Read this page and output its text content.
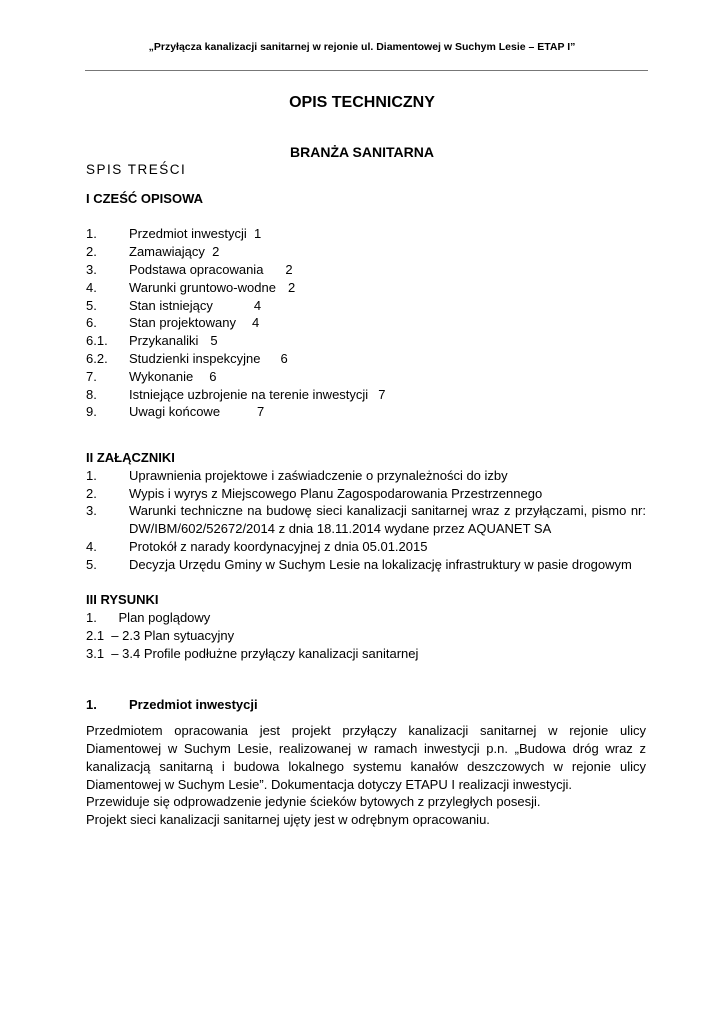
„Przyłącza kanalizacji sanitarnej w rejonie ul. Diamentowej w Suchym Lesie – ETAP I”
OPIS TECHNICZNY
BRANŻA SANITARNA

SPIS TREŚCI

I CZEŚĆ OPISOWA

1. Przedmiot inwestycji 1
2. Zamawiający 2
3. Podstawa opracowania 2
4. Warunki gruntowo-wodne 2
5. Stan istniejący	4
6. Stan projektowany 4
6.1. Przykanaliki 5
6.2. Studzienki inspekcyjne 6
7. Wykonanie 6
8. Istniejące uzbrojenie na terenie inwestycji 7
9. Uwagi końcowe	7

II ZAŁĄCZNIKI

1. Uprawnienia projektowe i zaświadczenie o przynależności do izby
2. Wypis i wyrys z Miejscowego Planu Zagospodarowania Przestrzennego
3. Warunki techniczne na budowę sieci kanalizacji sanitarnej wraz z przyłączami, pismo nr: DW/IBM/602/52672/2014 z dnia 18.11.2014 wydane przez AQUANET SA
4. Protokół z narady koordynacyjnej z dnia 05.01.2015
5. Decyzja Urzędu Gminy w Suchym Lesie na lokalizację infrastruktury w pasie drogowym

III RYSUNKI

1.      Plan poglądowy
2.1  – 2.3 Plan sytuacyjny
3.1  – 3.4 Profile podłużne przyłączy kanalizacji sanitarnej
1. Przedmiot inwestycji

Przedmiotem opracowania jest projekt przyłączy kanalizacji sanitarnej w rejonie ulicy Diamentowej w Suchym Lesie, realizowanej w ramach inwestycji p.n. „Budowa dróg wraz z kanalizacją sanitarną i budowa lokalnego systemu kanałów deszczowych w rejonie ulicy Diamentowej w Suchym Lesie”. Dokumentacja dotyczy ETAPU I realizacji inwestycji.

Przewiduje się odprowadzenie jedynie ścieków bytowych z przyległych posesji.

Projekt sieci kanalizacji sanitarnej ujęty jest w odrębnym opracowaniu.
